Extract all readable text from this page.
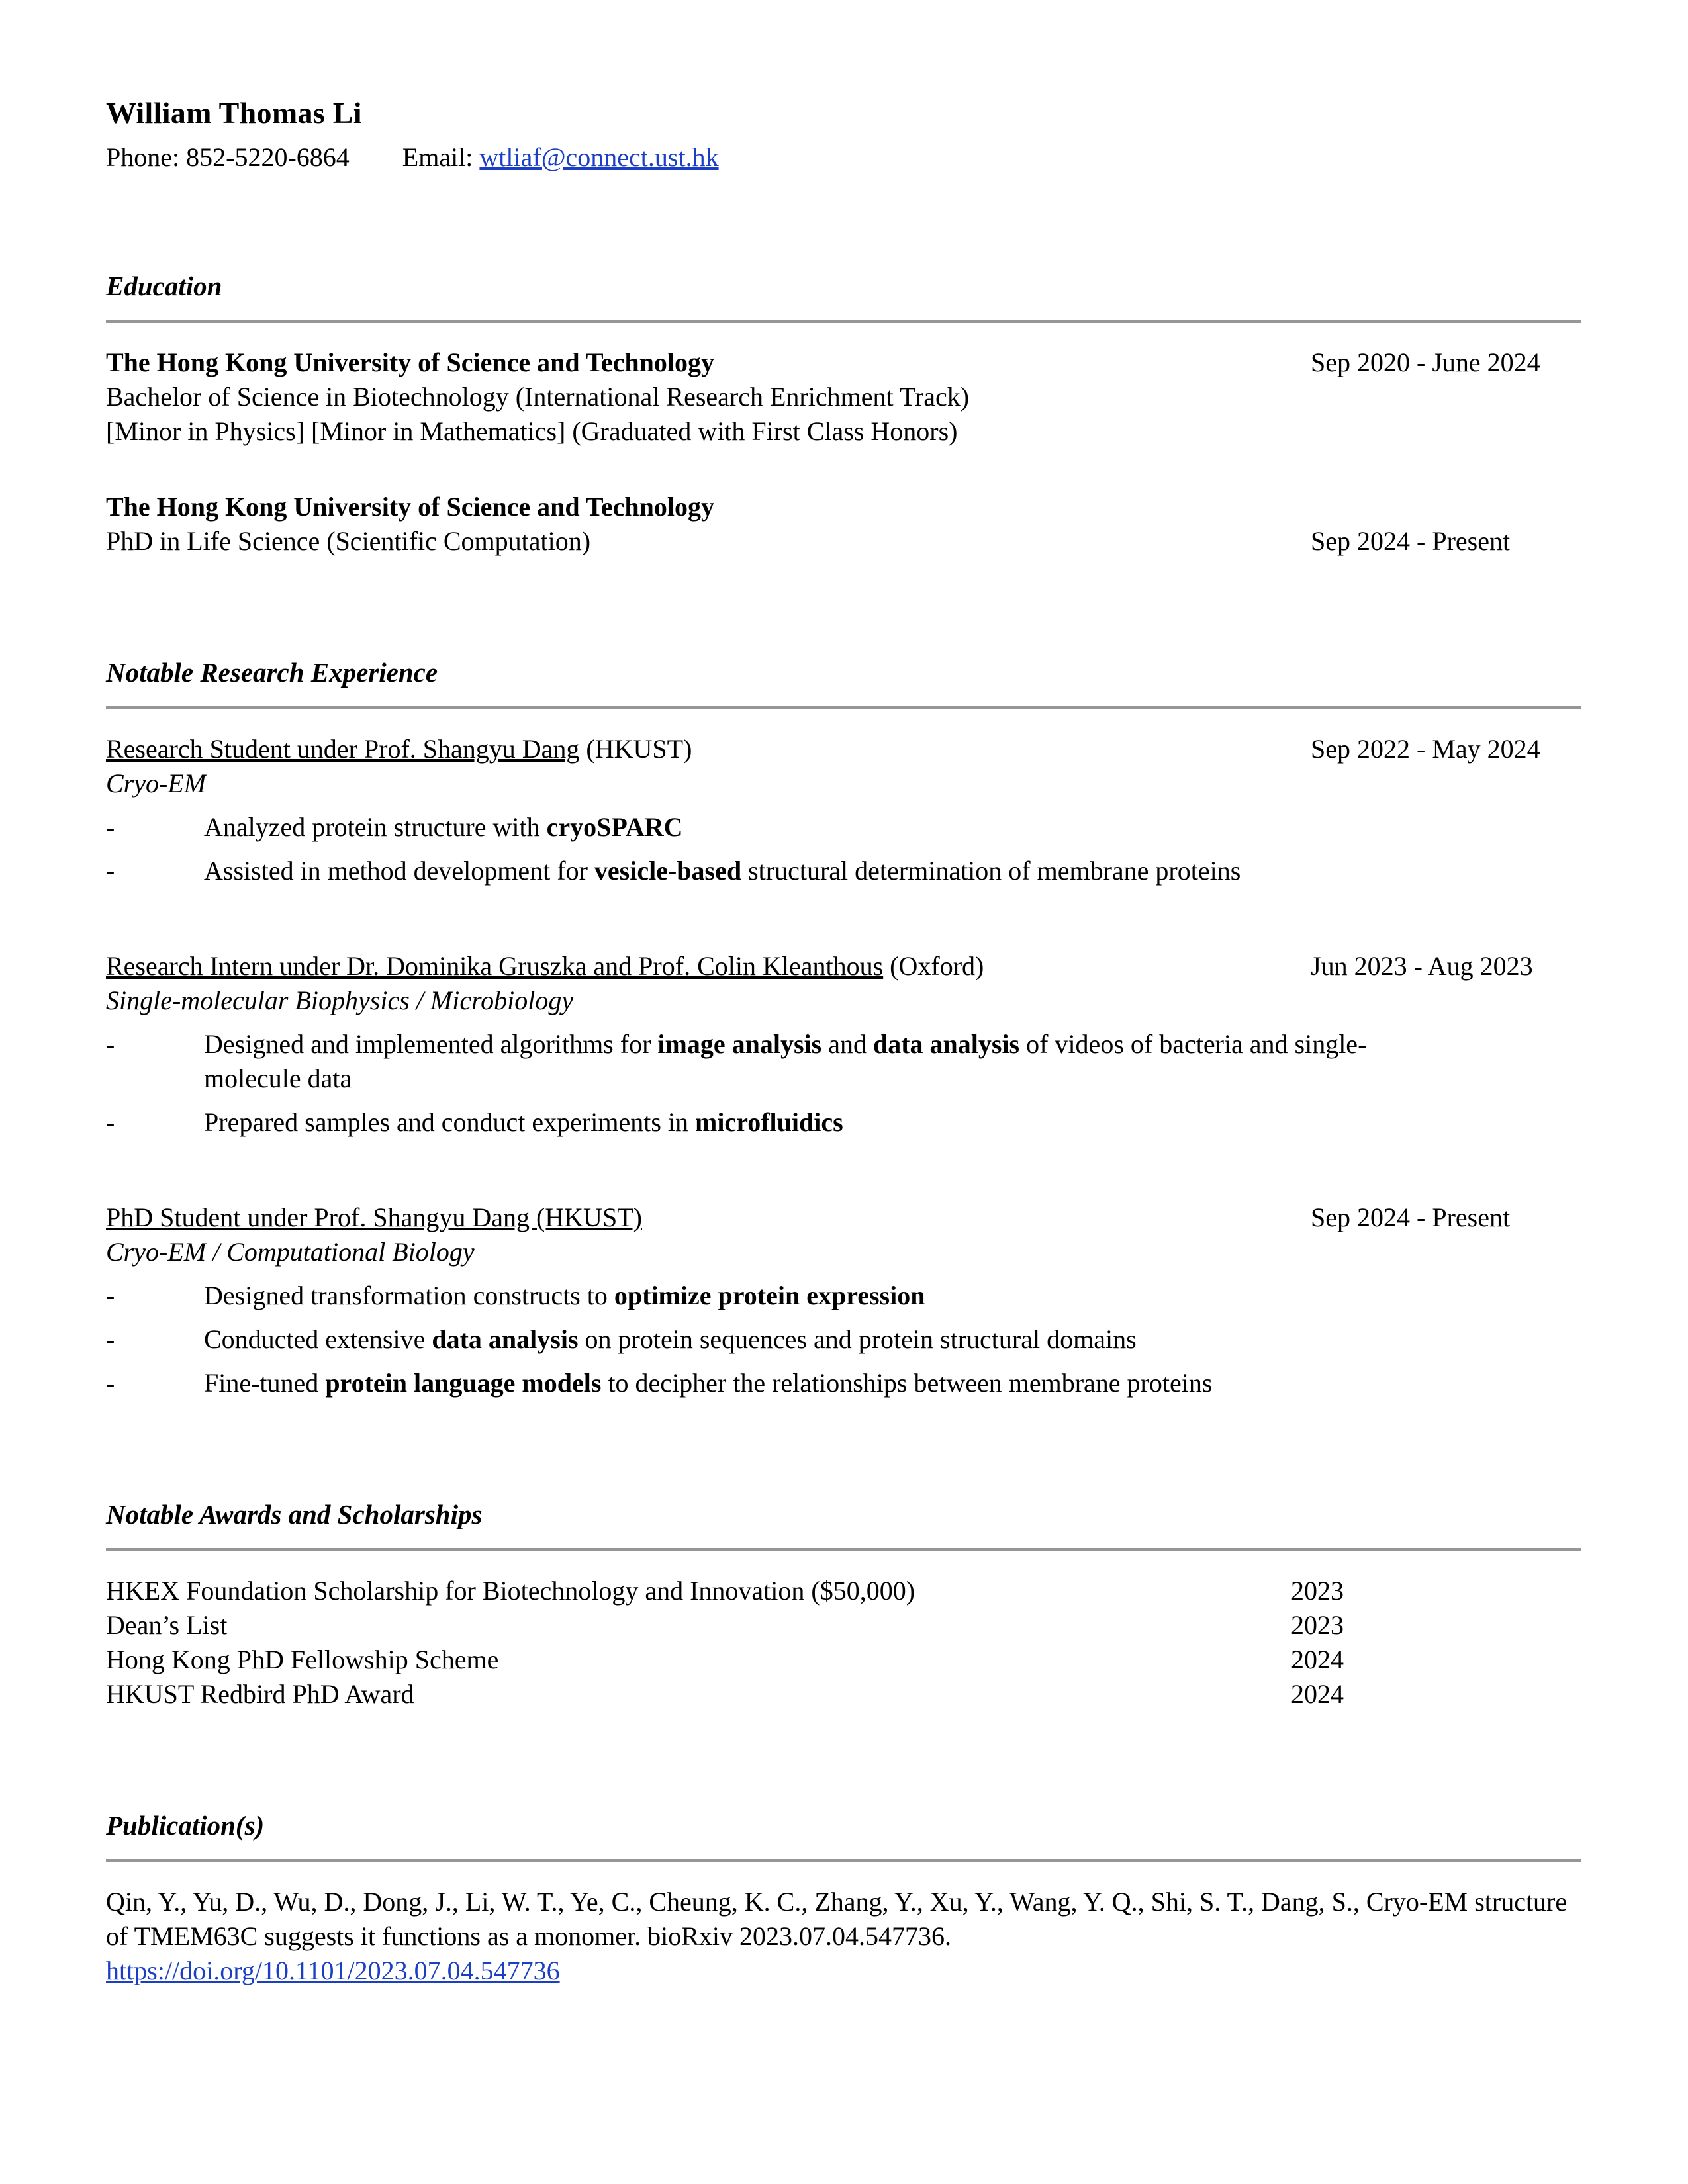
William Thomas Li
Phone: 852-5220-6864 Email: wtliaf@connect.ust.hk
Education
The Hong Kong University of Science and Technology	Sep 2020 - June 2024
Bachelor of Science in Biotechnology (International Research Enrichment Track)
[Minor in Physics] [Minor in Mathematics] (Graduated with First Class Honors)
The Hong Kong University of Science and Technology
PhD in Life Science (Scientific Computation)	Sep 2024 - Present
Notable Research Experience
Research Student under Prof. Shangyu Dang (HKUST)	Sep 2022 - May 2024
Cryo-EM
-	Analyzed protein structure with cryoSPARC
-	Assisted in method development for vesicle-based structural determination of membrane proteins
Research Intern under Dr. Dominika Gruszka and Prof. Colin Kleanthous (Oxford)	Jun 2023 - Aug 2023
Single-molecular Biophysics / Microbiology
-	Designed and implemented algorithms for image analysis and data analysis of videos of bacteria and single-molecule data
-	Prepared samples and conduct experiments in microfluidics
PhD Student under Prof. Shangyu Dang (HKUST)	Sep 2024 - Present
Cryo-EM / Computational Biology
-	Designed transformation constructs to optimize protein expression
-	Conducted extensive data analysis on protein sequences and protein structural domains
-	Fine-tuned protein language models to decipher the relationships between membrane proteins
Notable Awards and Scholarships
HKEX Foundation Scholarship for Biotechnology and Innovation ($50,000)	2023
Dean’s List	2023
Hong Kong PhD Fellowship Scheme	2024
HKUST Redbird PhD Award	2024
Publication(s)
Qin, Y., Yu, D., Wu, D., Dong, J., Li, W. T., Ye, C., Cheung, K. C., Zhang, Y., Xu, Y., Wang, Y. Q., Shi, S. T., Dang, S., Cryo-EM structure of TMEM63C suggests it functions as a monomer. bioRxiv 2023.07.04.547736.
https://doi.org/10.1101/2023.07.04.547736
